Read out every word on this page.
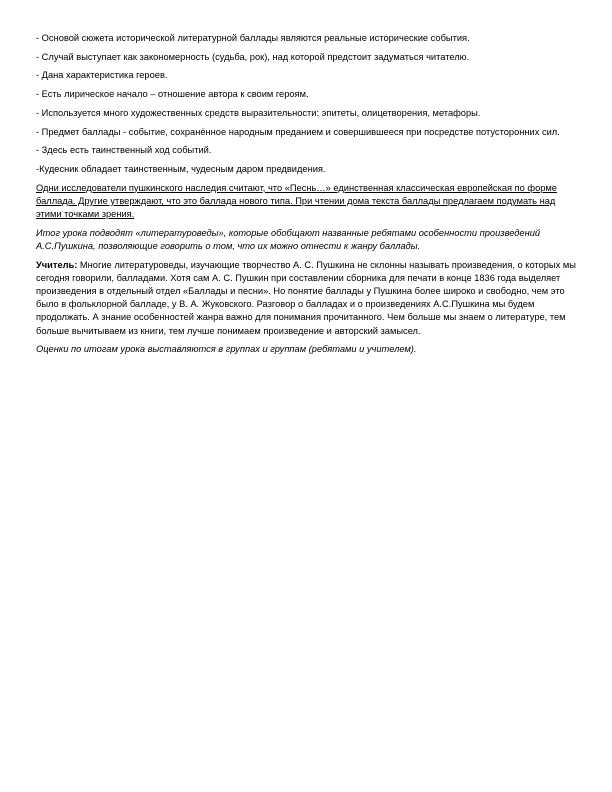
- Основой сюжета исторической литературной баллады являются реальные исторические события.

- Случай выступает как закономерность (судьба, рок), над которой предстоит задуматься читателю.

- Дана характеристика героев.

- Есть лирическое начало – отношение автора к своим героям.

- Используется много художественных средств выразительности: эпитеты, олицетворения, метафоры.

- Предмет баллады - событие, сохранённое народным преданием и совершившееся при посредстве потусторонних сил.

- Здесь есть таинственный ход событий.

-Кудесник обладает таинственным, чудесным даром предвидения.

Одни исследователи пушкинского наследия считают, что «Песнь…» единственная классическая европейская по форме баллада. Другие утверждают, что это баллада нового типа. При чтении дома текста баллады предлагаем подумать над этими точками зрения.

Итог урока подводят «литературоведы», которые обобщают названные ребятами особенности произведений А.С.Пушкина, позволяющие говорить о том, что их можно отнести к жанру баллады.

Учитель: Многие литературоведы, изучающие творчество А. С. Пушкина не склонны называть произведения, о которых мы сегодня говорили, балладами. Хотя сам А. С. Пушкин при составлении сборника для печати в конце 1836 года выделяет произведения в отдельный отдел «Баллады и песни». Но понятие баллады у Пушкина более широко и свободно, чем это было в фольклорной балладе, у В. А. Жуковского. Разговор о балладах и о произведениях А.С.Пушкина мы будем продолжать. А знание особенностей жанра важно для понимания прочитанного. Чем больше мы знаем о литературе, тем больше вычитываем из книги, тем лучше понимаем произведение и авторский замысел.

Оценки по итогам урока выставляются в группах и группам (ребятами и учителем).
